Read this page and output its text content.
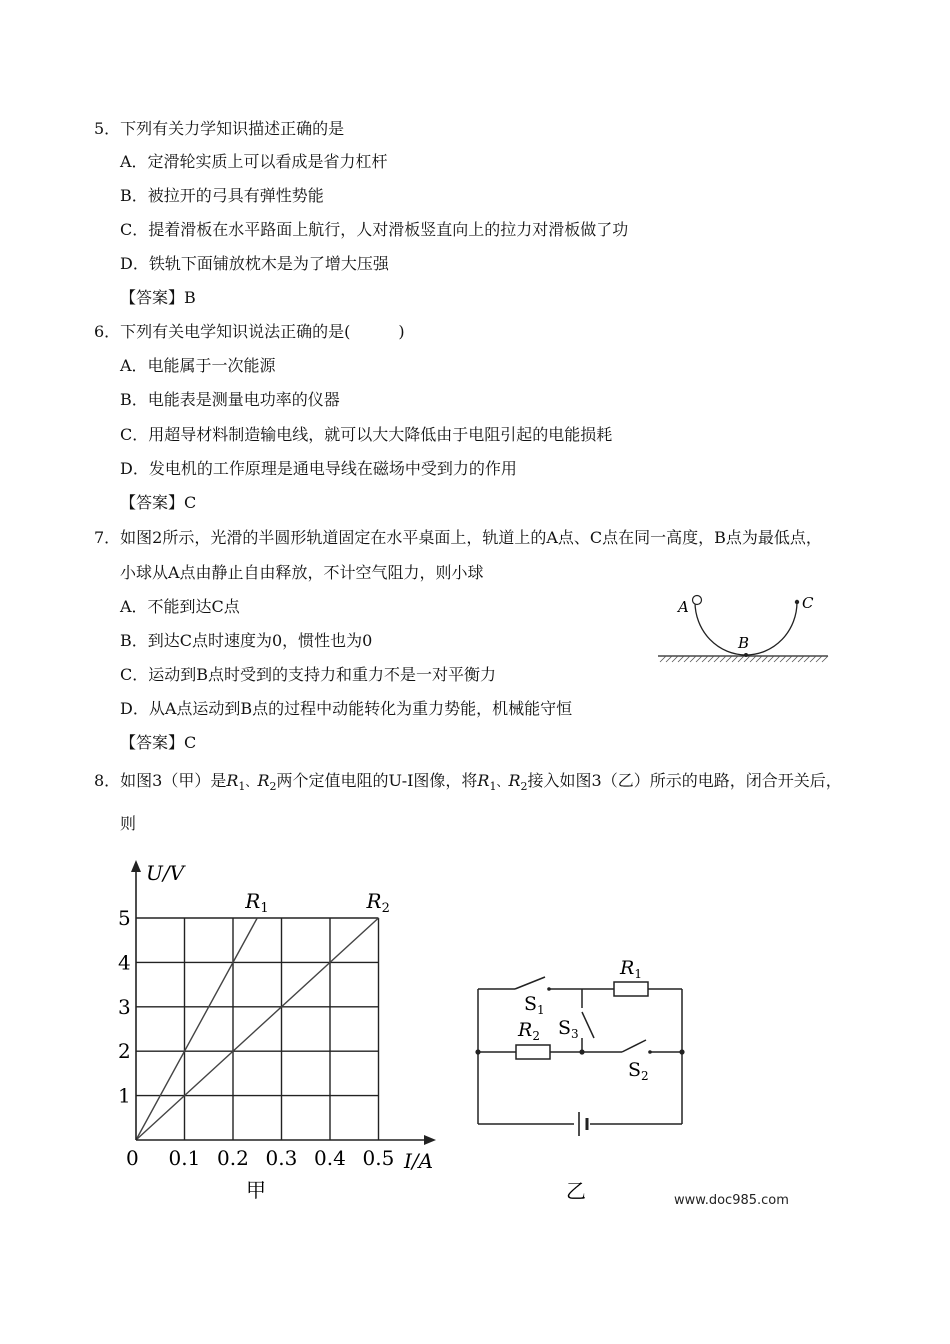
5．下列有关力学知识描述正确的是
A．定滑轮实质上可以看成是省力杠杆
B．被拉开的弓具有弹性势能
C．提着滑板在水平路面上航行，人对滑板竖直向上的拉力对滑板做了功
D．铁轨下面铺放枕木是为了增大压强
【答案】B
6．下列有关电学知识说法正确的是(　　　)
A．电能属于一次能源
B．电能表是测量电功率的仪器
C．用超导材料制造输电线，就可以大大降低由于电阻引起的电能损耗
D．发电机的工作原理是通电导线在磁场中受到力的作用
【答案】C
7．如图2所示，光滑的半圆形轨道固定在水平桌面上，轨道上的A点、C点在同一高度，B点为最低点，
小球从A点由静止自由释放，不计空气阻力，则小球
A．不能到达C点
B．到达C点时速度为0，惯性也为0
C．运动到B点时受到的支持力和重力不是一对平衡力
D．从A点运动到B点的过程中动能转化为重力势能，机械能守恒
【答案】C
A	C
B
8．如图3（甲）是$R_1$、$R_2$两个定值电阻的U-I图像，将$R_1$、$R_2$接入如图3（乙）所示的电路，闭合开关后，
则
0 0.1 0.2 0.3 0.4 0.5
1
2
3
4
5
$R_1$	$R_2$
U/V
I/A
甲
$R_1$
$R_2$
$S_1$
$S_3$
$S_2$
乙	www.doc985.com
